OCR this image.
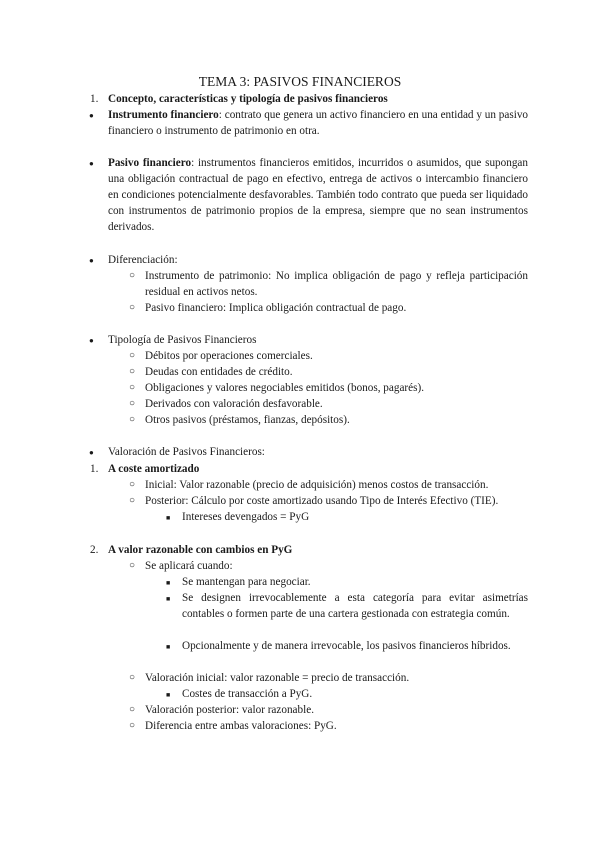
TEMA 3: PASIVOS FINANCIEROS
1. Concepto, características y tipología de pasivos financieros
● Instrumento financiero: contrato que genera un activo financiero en una entidad y un pasivo financiero o instrumento de patrimonio en otra.
● Pasivo financiero: instrumentos financieros emitidos, incurridos o asumidos, que supongan una obligación contractual de pago en efectivo, entrega de activos o intercambio financiero en condiciones potencialmente desfavorables. También todo contrato que pueda ser liquidado con instrumentos de patrimonio propios de la empresa, siempre que no sean instrumentos derivados.
● Diferenciación:
○ Instrumento de patrimonio: No implica obligación de pago y refleja participación residual en activos netos.
○ Pasivo financiero: Implica obligación contractual de pago.
● Tipología de Pasivos Financieros
○ Débitos por operaciones comerciales.
○ Deudas con entidades de crédito.
○ Obligaciones y valores negociables emitidos (bonos, pagarés).
○ Derivados con valoración desfavorable.
○ Otros pasivos (préstamos, fianzas, depósitos).
● Valoración de Pasivos Financieros:
1. A coste amortizado
○ Inicial: Valor razonable (precio de adquisición) menos costos de transacción.
○ Posterior: Cálculo por coste amortizado usando Tipo de Interés Efectivo (TIE).
■ Intereses devengados = PyG
2. A valor razonable con cambios en PyG
○ Se aplicará cuando:
■ Se mantengan para negociar.
■ Se designen irrevocablemente a esta categoría para evitar asimetrías contables o formen parte de una cartera gestionada con estrategia común.
■ Opcionalmente y de manera irrevocable, los pasivos financieros híbridos.
○ Valoración inicial: valor razonable = precio de transacción.
■ Costes de transacción a PyG.
○ Valoración posterior: valor razonable.
○ Diferencia entre ambas valoraciones: PyG.
